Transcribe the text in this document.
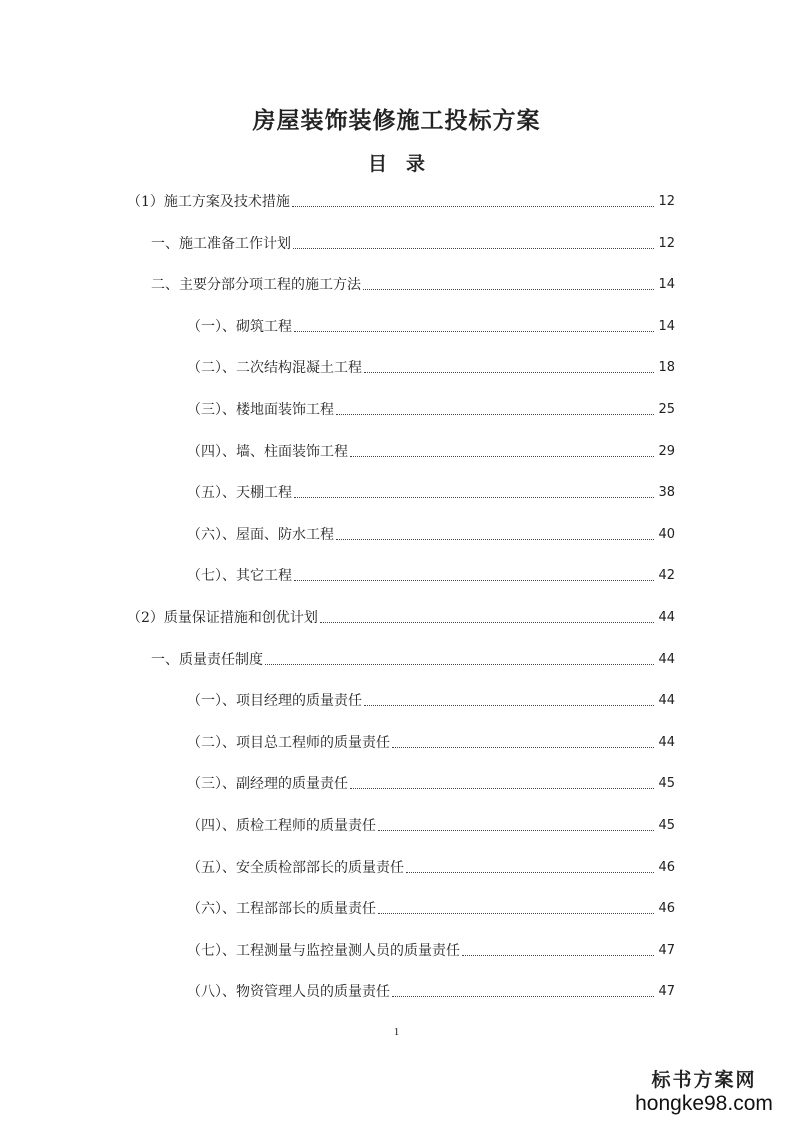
房屋装饰装修施工投标方案
目　录
（1）施工方案及技术措施	12
一、施工准备工作计划	12
二、主要分部分项工程的施工方法	14
（一）、砌筑工程	14
（二）、二次结构混凝土工程	18
（三）、楼地面装饰工程	25
（四）、墙、柱面装饰工程	29
（五）、天棚工程	38
（六）、屋面、防水工程	40
（七）、其它工程	42
（2）质量保证措施和创优计划	44
一、质量责任制度	44
（一）、项目经理的质量责任	44
（二）、项目总工程师的质量责任	44
（三）、副经理的质量责任	45
（四）、质检工程师的质量责任	45
（五）、安全质检部部长的质量责任	46
（六）、工程部部长的质量责任	46
（七）、工程测量与监控量测人员的质量责任	47
（八）、物资管理人员的质量责任	47
1
标书方案网
hongke98.com
